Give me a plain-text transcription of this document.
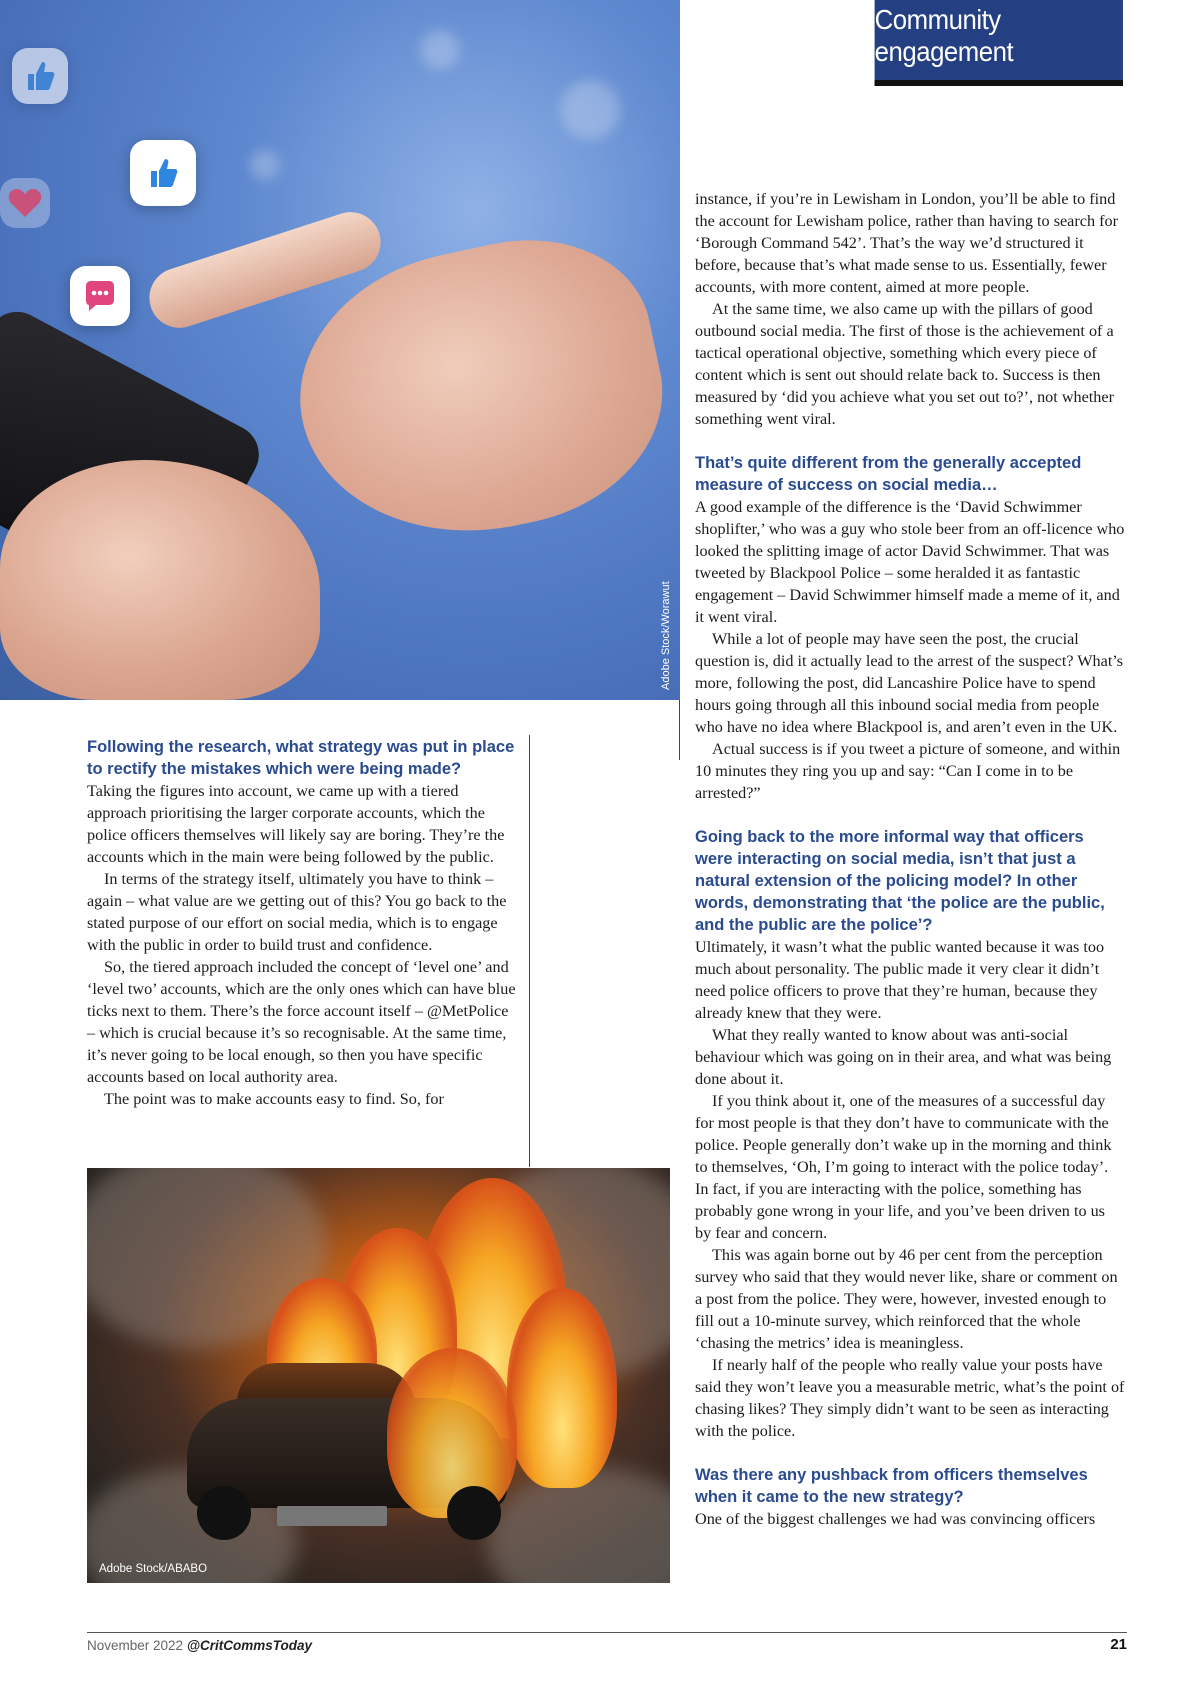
Adobe Stock/Worawut
Community engagement
Following the research, what strategy was put in place to rectify the mistakes which were being made?

Taking the figures into account, we came up with a tiered approach prioritising the larger corporate accounts, which the police officers themselves will likely say are boring. They’re the accounts which in the main were being followed by the public.

In terms of the strategy itself, ultimately you have to think – again – what value are we getting out of this? You go back to the stated purpose of our effort on social media, which is to engage with the public in order to build trust and confidence.

So, the tiered approach included the concept of ‘level one’ and ‘level two’ accounts, which are the only ones which can have blue ticks next to them. There’s the force account itself – @MetPolice – which is crucial because it’s so recognisable. At the same time, it’s never going to be local enough, so then you have specific accounts based on local authority area.

The point was to make accounts easy to find. So, for

instance, if you’re in Lewisham in London, you’ll be able to find the account for Lewisham police, rather than having to search for ‘Borough Command 542’. That’s the way we’d structured it before, because that’s what made sense to us. Essentially, fewer accounts, with more content, aimed at more people.

At the same time, we also came up with the pillars of good outbound social media. The first of those is the achievement of a tactical operational objective, something which every piece of content which is sent out should relate back to. Success is then measured by ‘did you achieve what you set out to?’, not whether something went viral.

That’s quite different from the generally accepted measure of success on social media…

A good example of the difference is the ‘David Schwimmer shoplifter,’ who was a guy who stole beer from an off-licence who looked the splitting image of actor David Schwimmer. That was tweeted by Blackpool Police – some heralded it as fantastic engagement – David Schwimmer himself made a meme of it, and it went viral.

While a lot of people may have seen the post, the crucial question is, did it actually lead to the arrest of the suspect? What’s more, following the post, did Lancashire Police have to spend hours going through all this inbound social media from people who have no idea where Blackpool is, and aren’t even in the UK.

Actual success is if you tweet a picture of someone, and within 10 minutes they ring you up and say: “Can I come in to be arrested?”

Going back to the more informal way that officers were interacting on social media, isn’t that just a natural extension of the policing model? In other words, demonstrating that ‘the police are the public, and the public are the police’?

Ultimately, it wasn’t what the public wanted because it was too much about personality. The public made it very clear it didn’t need police officers to prove that they’re human, because they already knew that they were.

What they really wanted to know about was anti-social behaviour which was going on in their area, and what was being done about it.

If you think about it, one of the measures of a successful day for most people is that they don’t have to communicate with the police. People generally don’t wake up in the morning and think to themselves, ‘Oh, I’m going to interact with the police today’. In fact, if you are interacting with the police, something has probably gone wrong in your life, and you’ve been driven to us by fear and concern.

This was again borne out by 46 per cent from the perception survey who said that they would never like, share or comment on a post from the police. They were, however, invested enough to fill out a 10-minute survey, which reinforced that the whole ‘chasing the metrics’ idea is meaningless.

If nearly half of the people who really value your posts have said they won’t leave you a measurable metric, what’s the point of chasing likes? They simply didn’t want to be seen as interacting with the police.

Was there any pushback from officers themselves when it came to the new strategy?

One of the biggest challenges we had was convincing officers

Adobe Stock/ABABO
November 2022 @CritCommsToday	21
